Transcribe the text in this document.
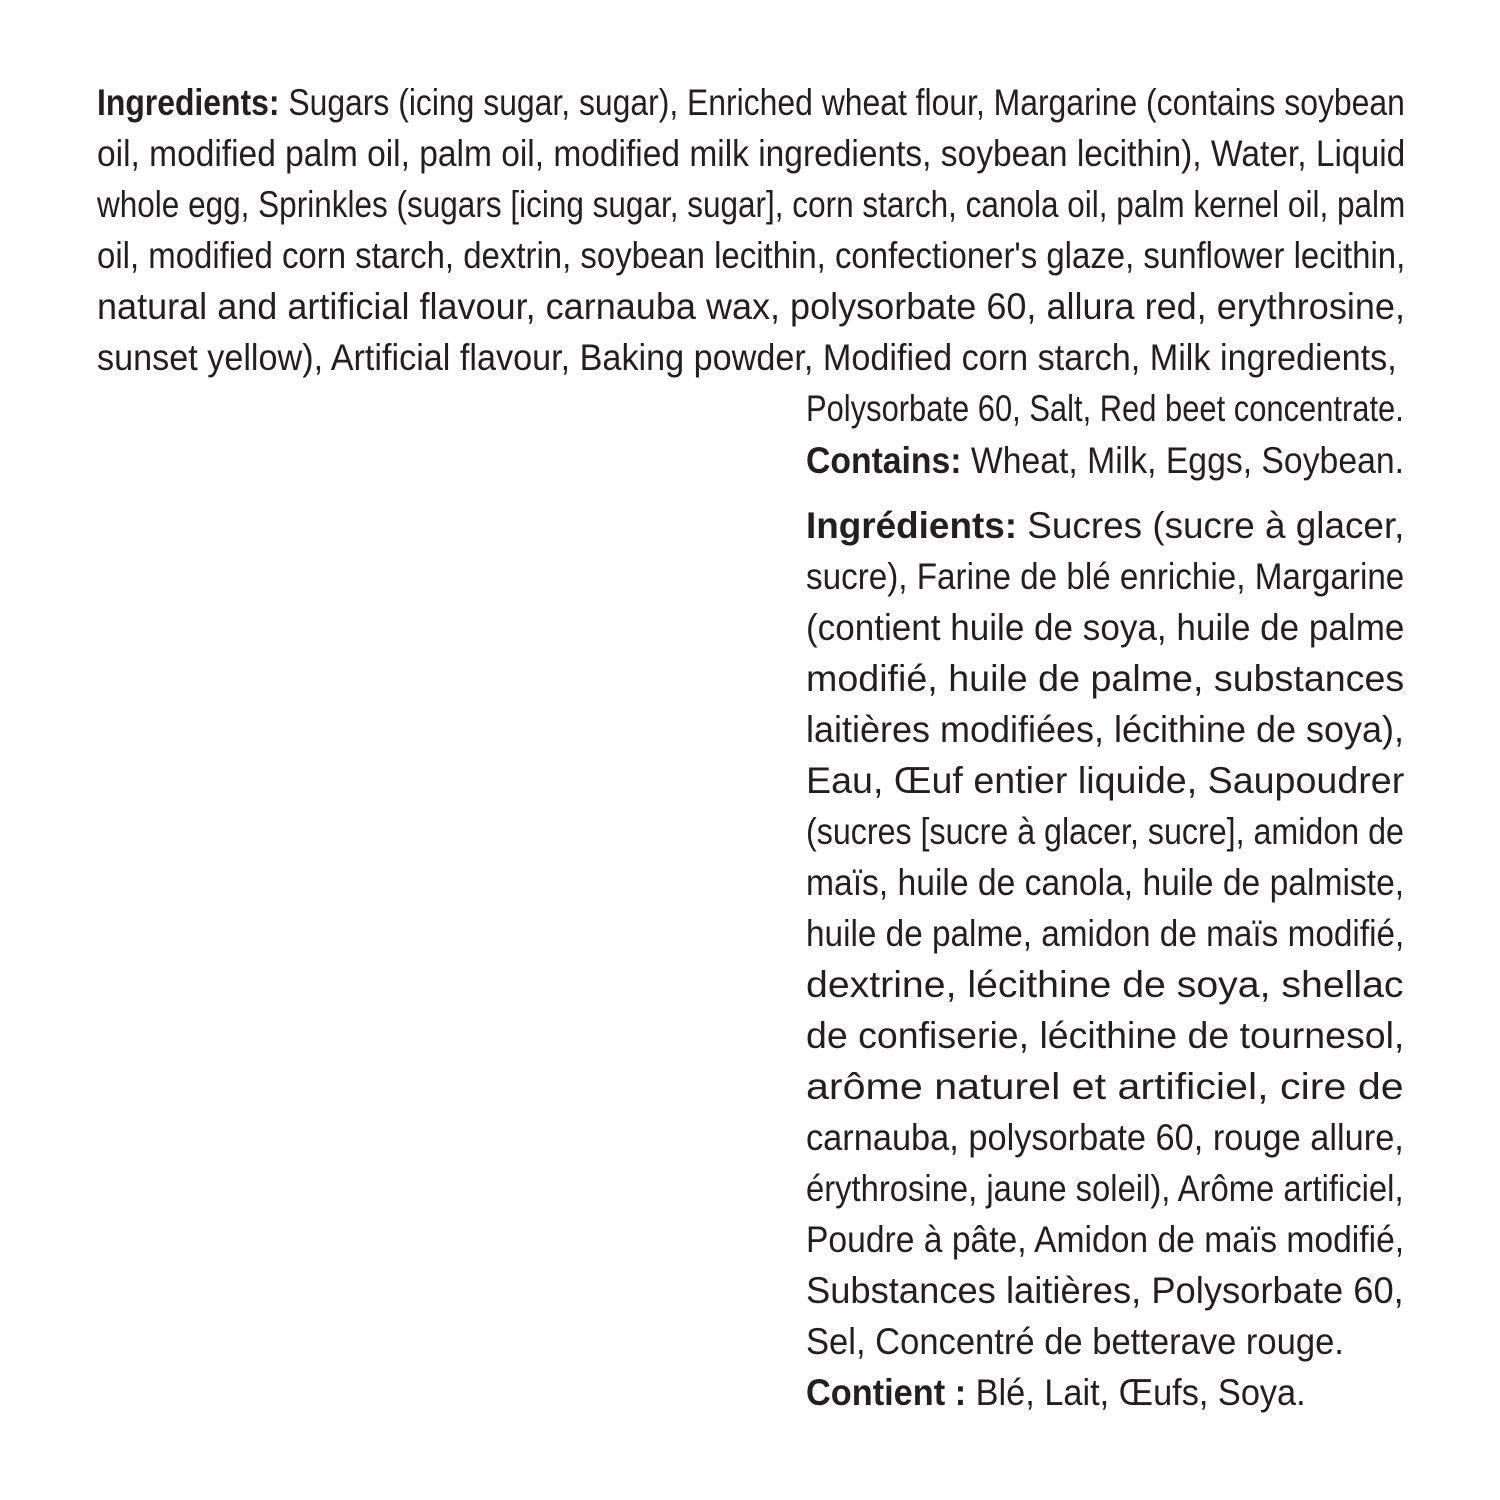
Ingredients: Sugars (icing sugar, sugar), Enriched wheat flour, Margarine (contains soybean

oil, modified palm oil, palm oil, modified milk ingredients, soybean lecithin), Water, Liquid

whole egg, Sprinkles (sugars [icing sugar, sugar], corn starch, canola oil, palm kernel oil, palm

oil, modified corn starch, dextrin, soybean lecithin, confectioner's glaze, sunflower lecithin,

natural and artificial flavour, carnauba wax, polysorbate 60, allura red, erythrosine,

sunset yellow), Artificial flavour, Baking powder, Modified corn starch, Milk ingredients,

Polysorbate 60, Salt, Red beet concentrate.

Contains: Wheat, Milk, Eggs, Soybean.

Ingrédients: Sucres (sucre à glacer,

sucre), Farine de blé enrichie, Margarine

(contient huile de soya, huile de palme

modifié, huile de palme, substances

laitières modifiées, lécithine de soya),

Eau, Œuf entier liquide, Saupoudrer

(sucres [sucre à glacer, sucre], amidon de

maïs, huile de canola, huile de palmiste,

huile de palme, amidon de maïs modifié,

dextrine, lécithine de soya, shellac

de confiserie, lécithine de tournesol,

arôme naturel et artificiel, cire de

carnauba, polysorbate 60, rouge allure,

érythrosine, jaune soleil), Arôme artificiel,

Poudre à pâte, Amidon de maïs modifié,

Substances laitières, Polysorbate 60,

Sel, Concentré de betterave rouge.

Contient : Blé, Lait, Œufs, Soya.
